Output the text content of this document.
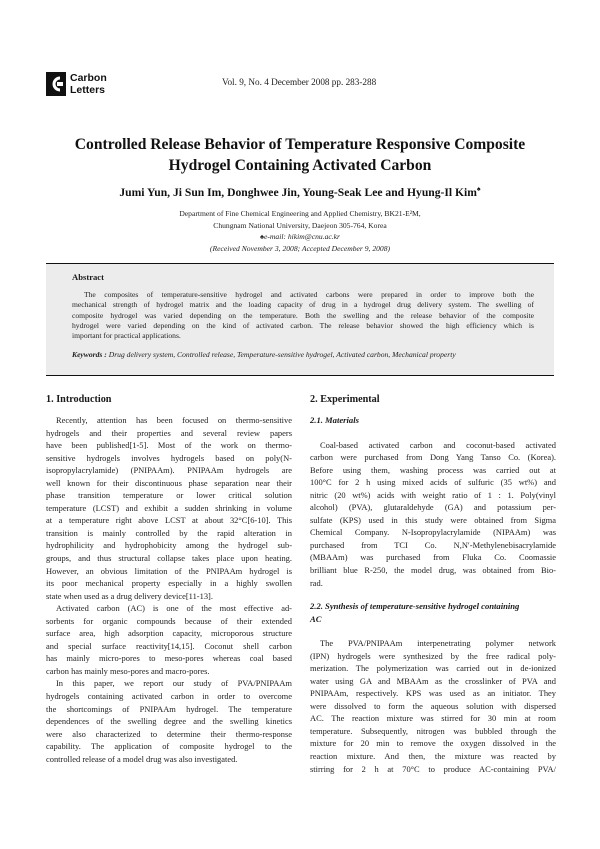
Carbon
Letters
Vol. 9, No. 4 December 2008 pp. 283-288
Controlled Release Behavior of Temperature Responsive Composite
Hydrogel Containing Activated Carbon
Jumi Yun, Ji Sun Im, Donghwee Jin, Young-Seak Lee and Hyung-Il Kim♠
Department of Fine Chemical Engineering and Applied Chemistry, BK21-E²M,
Chungnam National University, Daejeon 305-764, Korea
♠e-mail: hikim@cnu.ac.kr
(Received November 3, 2008; Accepted December 9, 2008)
Abstract
The composites of temperature-sensitive hydrogel and activated carbons were prepared in order to improve both the
mechanical strength of hydrogel matrix and the loading capacity of drug in a hydrogel drug delivery system. The swelling of
composite hydrogel was varied depending on the temperature. Both the swelling and the release behavior of the composite
hydrogel were varied depending on the kind of activated carbon. The release behavior showed the high efficiency which is
important for practical applications.
Keywords : Drug delivery system, Controlled release, Temperature-sensitive hydrogel, Activated carbon, Mechanical property
1. Introduction
Recently, attention has been focused on thermo-sensitive
hydrogels and their properties and several review papers
have been published[1-5]. Most of the work on thermo-
sensitive hydrogels involves hydrogels based on poly(N-
isopropylacrylamide) (PNIPAAm). PNIPAAm hydrogels are
well known for their discontinuous phase separation near their
phase transition temperature or lower critical solution
temperature (LCST) and exhibit a sudden shrinking in volume
at a temperature right above LCST at about 32°C[6-10]. This
transition is mainly controlled by the rapid alteration in
hydrophilicity and hydrophobicity among the hydrogel sub-
groups, and thus structural collapse takes place upon heating.
However, an obvious limitation of the PNIPAAm hydrogel is
its poor mechanical property especially in a highly swollen
state when used as a drug delivery device[11-13].
Activated carbon (AC) is one of the most effective ad-
sorbents for organic compounds because of their extended
surface area, high adsorption capacity, microporous structure
and special surface reactivity[14,15]. Coconut shell carbon
has mainly micro-pores to meso-pores whereas coal based
carbon has mainly meso-pores and macro-pores.
In this paper, we report our study of PVA/PNIPAAm
hydrogels containing activated carbon in order to overcome
the shortcomings of PNIPAAm hydrogel. The temperature
dependences of the swelling degree and the swelling kinetics
were also characterized to determine their thermo-response
capability. The application of composite hydrogel to the
controlled release of a model drug was also investigated.
2. Experimental
2.1. Materials
Coal-based activated carbon and coconut-based activated
carbon were purchased from Dong Yang Tanso Co. (Korea).
Before using them, washing process was carried out at
100°C for 2 h using mixed acids of sulfuric (35 wt%) and
nitric (20 wt%) acids with weight ratio of 1 : 1. Poly(vinyl
alcohol) (PVA), glutaraldehyde (GA) and potassium per-
sulfate (KPS) used in this study were obtained from Sigma
Chemical Company. N-Isopropylacrylamide (NIPAAm) was
purchased from TCI Co. N,N′-Methylenebisacrylamide
(MBAAm) was purchased from Fluka Co. Coomassie
brilliant blue R-250, the model drug, was obtained from Bio-
rad.
2.2. Synthesis of temperature-sensitive hydrogel containing
AC
The PVA/PNIPAAm interpenetrating polymer network
(IPN) hydrogels were synthesized by the free radical poly-
merization. The polymerization was carried out in de-ionized
water using GA and MBAAm as the crosslinker of PVA and
PNIPAAm, respectively. KPS was used as an initiator. They
were dissolved to form the aqueous solution with dispersed
AC. The reaction mixture was stirred for 30 min at room
temperature. Subsequently, nitrogen was bubbled through the
mixture for 20 min to remove the oxygen dissolved in the
reaction mixture. And then, the mixture was reacted by
stirring for 2 h at 70°C to produce AC-containing PVA/
